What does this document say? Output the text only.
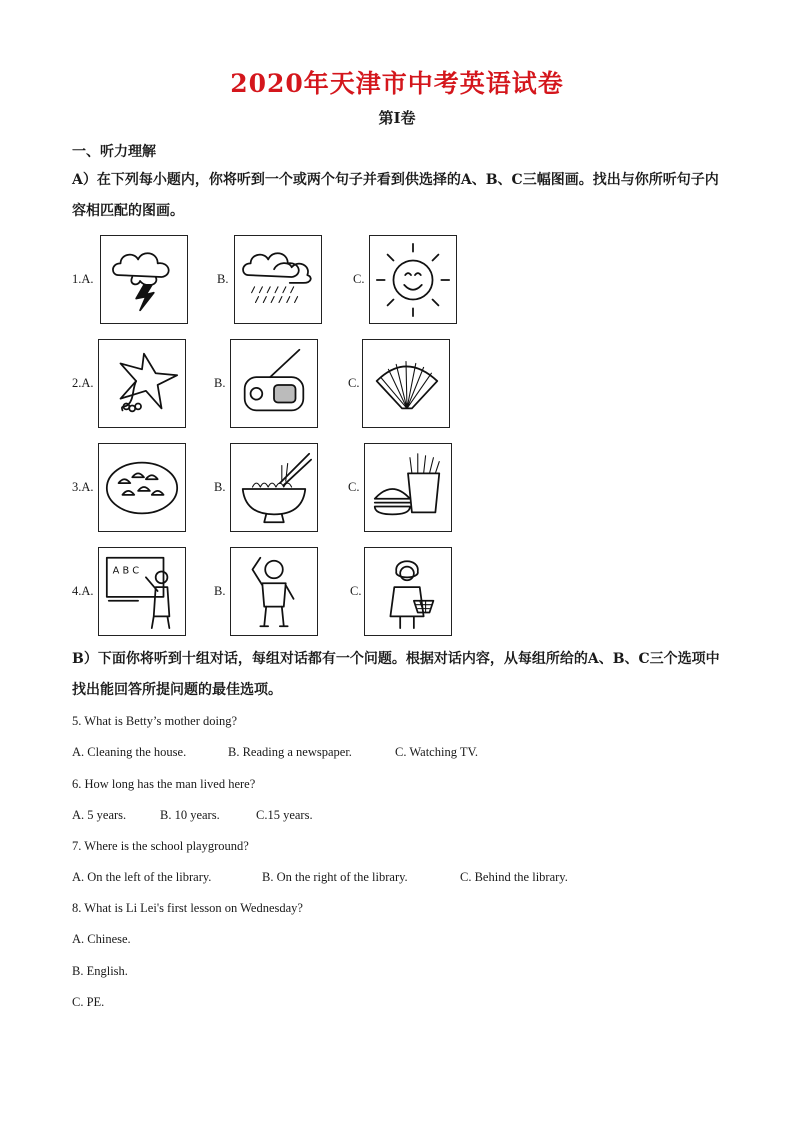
2020年天津市中考英语试卷
第Ⅰ卷
一、听力理解
A）在下列每小题内，你将听到一个或两个句子并看到供选择的A、B、C三幅图画。找出与你所听句子内容相匹配的图画。
1.A.	B.	C.
2.A.	B.	C.
3.A.	B.	C.
4.A.
A B C
B.	C.
B）下面你将听到十组对话，每组对话都有一个问题。根据对话内容，从每组所给的A、B、C三个选项中找出能回答所提问题的最佳选项。
5. What is Betty’s mother doing?
A. Cleaning the house.	B. Reading a newspaper.	C. Watching TV.
6. How long has the man lived here?
A. 5 years.	B. 10 years.	C.15 years.
7. Where is the school playground?
A. On the left of the library.	B. On the right of the library.	C. Behind the library.
8. What is Li Lei's first lesson on Wednesday?
A. Chinese.
B. English.
C. PE.
